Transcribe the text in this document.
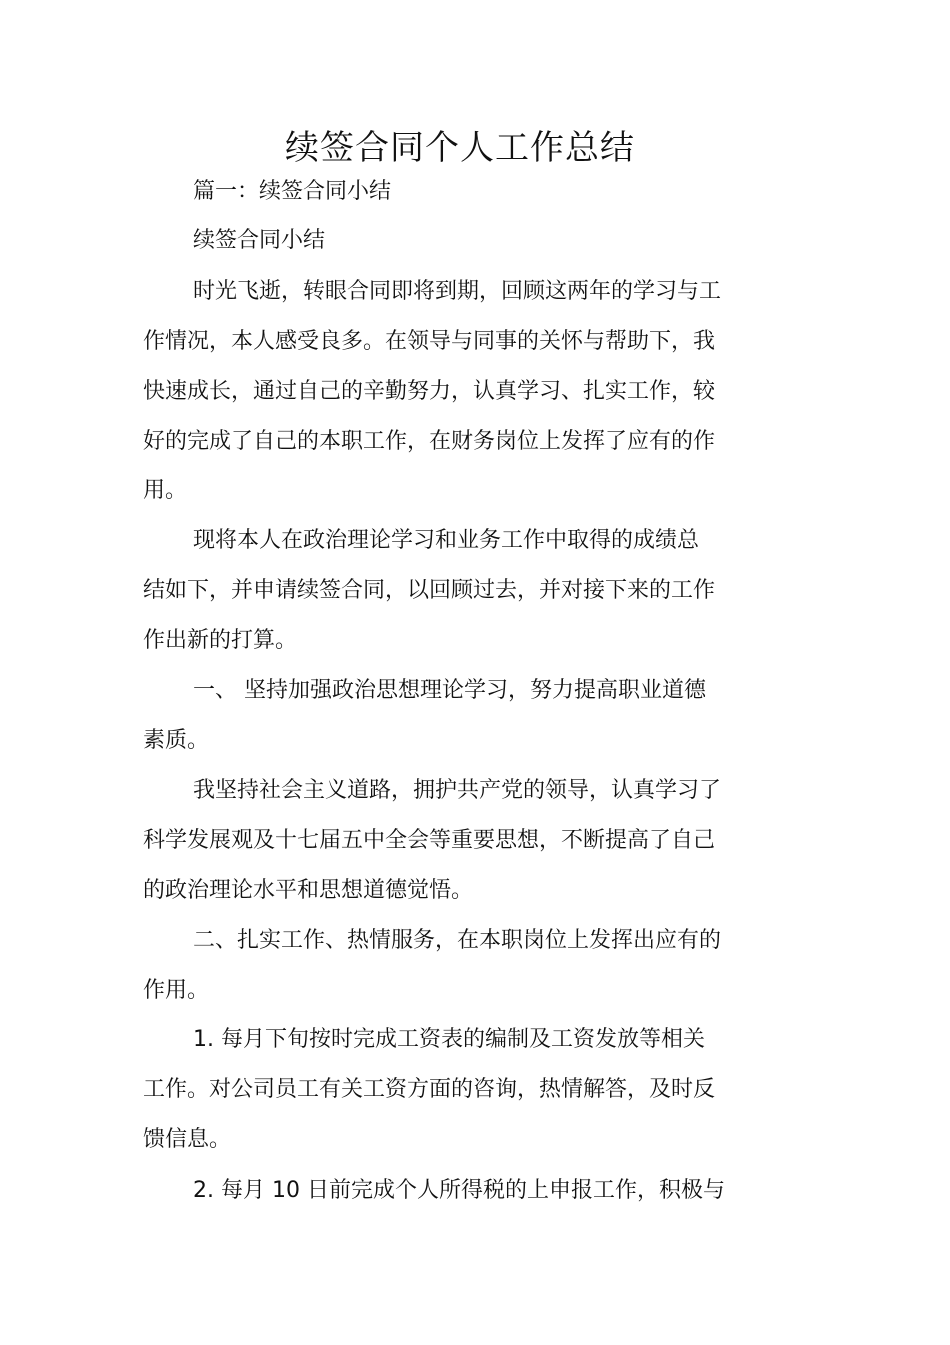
续签合同个人工作总结

篇一：续签合同小结

续签合同小结

时光飞逝，转眼合同即将到期，回顾这两年的学习与工

作情况，本人感受良多。在领导与同事的关怀与帮助下，我

快速成长，通过自己的辛勤努力，认真学习、扎实工作，较

好的完成了自己的本职工作，在财务岗位上发挥了应有的作

用。

现将本人在政治理论学习和业务工作中取得的成绩总

结如下，并申请续签合同，以回顾过去，并对接下来的工作

作出新的打算。

一、 坚持加强政治思想理论学习，努力提高职业道德

素质。

我坚持社会主义道路，拥护共产党的领导，认真学习了

科学发展观及十七届五中全会等重要思想，不断提高了自己

的政治理论水平和思想道德觉悟。

二、扎实工作、热情服务，在本职岗位上发挥出应有的

作用。

1. 每月下旬按时完成工资表的编制及工资发放等相关

工作。对公司员工有关工资方面的咨询，热情解答，及时反

馈信息。

2. 每月 10 日前完成个人所得税的上申报工作，积极与
